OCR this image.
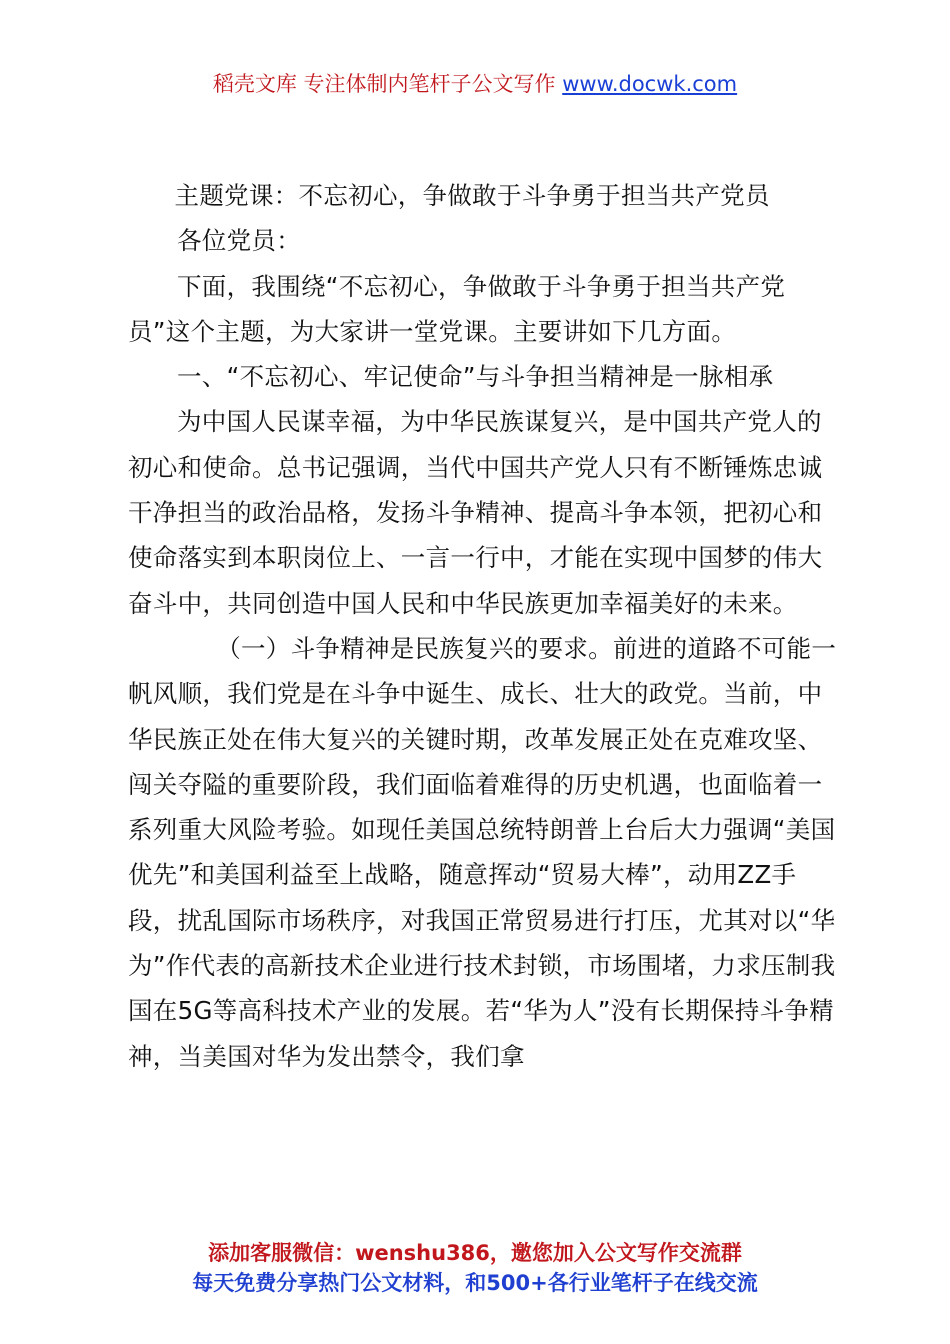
稻壳文库 专注体制内笔杆子公文写作 www.docwk.com

主题党课：不忘初心，争做敢于斗争勇于担当共产党员

各位党员：

下面，我围绕“不忘初心，争做敢于斗争勇于担当共产党员”这个主题，为大家讲一堂党课。主要讲如下几方面。

一、“不忘初心、牢记使命”与斗争担当精神是一脉相承

为中国人民谋幸福，为中华民族谋复兴，是中国共产党人的初心和使命。总书记强调，当代中国共产党人只有不断锤炼忠诚干净担当的政治品格，发扬斗争精神、提高斗争本领，把初心和使命落实到本职岗位上、一言一行中，才能在实现中国梦的伟大奋斗中，共同创造中国人民和中华民族更加幸福美好的未来。

（一）斗争精神是民族复兴的要求。前进的道路不可能一帆风顺，我们党是在斗争中诞生、成长、壮大的政党。当前，中华民族正处在伟大复兴的关键时期，改革发展正处在克难攻坚、闯关夺隘的重要阶段，我们面临着难得的历史机遇，也面临着一系列重大风险考验。如现任美国总统特朗普上台后大力强调“美国优先”和美国利益至上战略，随意挥动“贸易大棒”，动用ZZ手段，扰乱国际市场秩序，对我国正常贸易进行打压，尤其对以“华为”作代表的高新技术企业进行技术封锁，市场围堵，力求压制我国在5G等高科技术产业的发展。若“华为人”没有长期保持斗争精神，当美国对华为发出禁令，我们拿

添加客服微信：wenshu386，邀您加入公文写作交流群
每天免费分享热门公文材料，和500+各行业笔杆子在线交流
